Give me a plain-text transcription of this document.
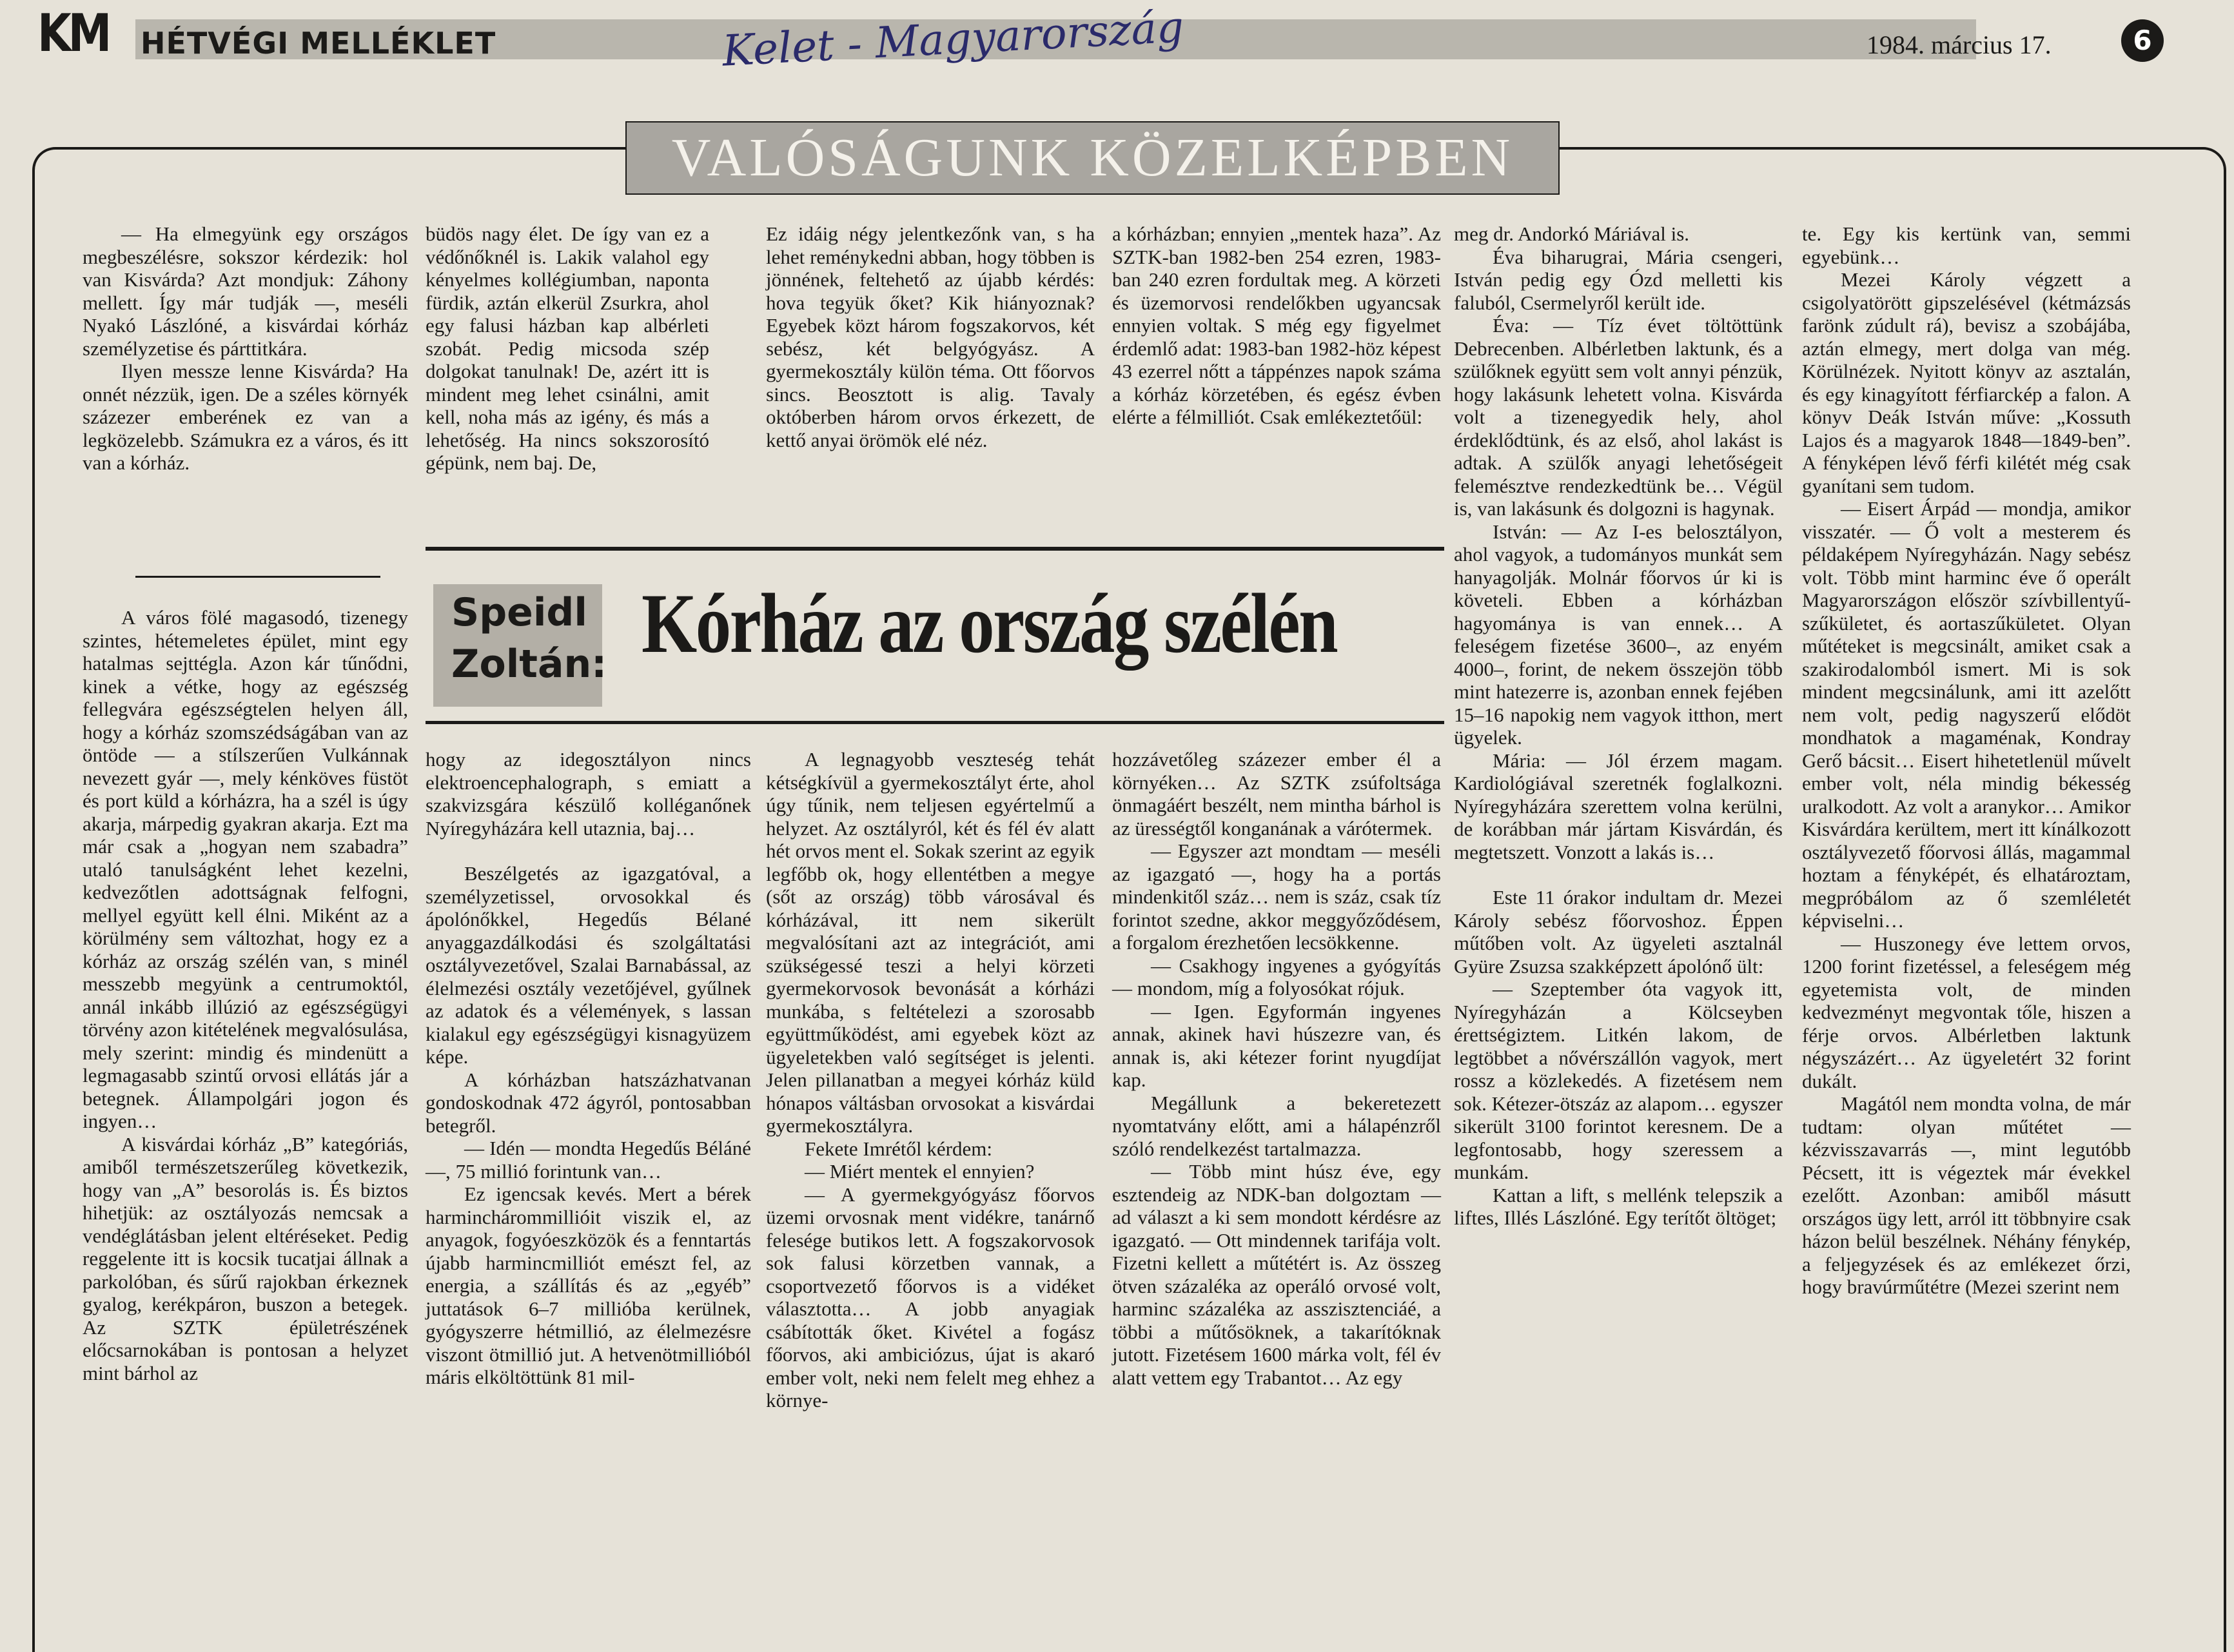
KM HÉTVÉGI MELLÉKLET	Kelet - Magyarország	1984. március 17.	6
VALÓSÁGUNK KÖZELKÉPBEN

— Ha elmegyünk egy országos megbeszélésre, sokszor kérdezik: hol van Kisvárda? Azt mondjuk: Záhony mellett. Így már tudják —, meséli Nyakó Lászlóné, a kisvárdai kórház személyzetise és párttitkára.

Ilyen messze lenne Kisvárda? Ha onnét nézzük, igen. De a széles környék százezer emberének ez van a legközelebb. Számukra ez a város, és itt van a kórház.

büdös nagy élet. De így van ez a védőnőknél is. Lakik valahol egy kényelmes kollégiumban, naponta fürdik, aztán elkerül Zsurkra, ahol egy falusi házban kap albérleti szobát. Pedig micsoda szép dolgokat tanulnak! De, azért itt is mindent meg lehet csinálni, amit kell, noha más az igény, és más a lehetőség. Ha nincs sokszorosító gépünk, nem baj. De,

Ez idáig négy jelentkezőnk van, s ha lehet reménykedni abban, hogy többen is jönnének, feltehető az újabb kérdés: hova tegyük őket? Kik hiányoznak? Egyebek közt három fogszakorvos, két sebész, két belgyógyász. A gyermekosztály külön téma. Ott főorvos sincs. Beosztott is alig. Tavaly októberben három orvos érkezett, de kettő anyai örömök elé néz.

a kórházban; ennyien „mentek haza”. Az SZTK-ban 1982-ben 254 ezren, 1983-ban 240 ezren fordultak meg. A körzeti és üzemorvosi rendelőkben ugyancsak ennyien voltak. S még egy figyelmet érdemlő adat: 1983-ban 1982-höz képest 43 ezerrel nőtt a táppénzes napok száma a kórház körzetében, és egész évben elérte a félmilliót. Csak emlékeztetőül:

Speidl
Zoltán: Kórház az ország szélén

A város fölé magasodó, tizenegy szintes, hétemeletes épület, mint egy hatalmas sejttégla. Azon kár tűnődni, kinek a vétke, hogy az egészség fellegvára egészségtelen helyen áll, hogy a kórház szomszédságában van az öntöde — a stílszerűen Vulkánnak nevezett gyár —, mely kénköves füstöt és port küld a kórházra, ha a szél is úgy akarja, márpedig gyakran akarja. Ezt ma már csak a „hogyan nem szabadra” utaló tanulságként lehet kezelni, kedvezőtlen adottságnak felfogni, mellyel együtt kell élni. Miként az a körülmény sem változhat, hogy ez a kórház az ország szélén van, s minél messzebb megyünk a centrumoktól, annál inkább illúzió az egészségügyi törvény azon kitételének megvalósulása, mely szerint: mindig és mindenütt a legmagasabb szintű orvosi ellátás jár a betegnek. Állampolgári jogon és ingyen…

A kisvárdai kórház „B” kategóriás, amiből természetszerűleg következik, hogy van „A” besorolás is. És biztos hihetjük: az osztályozás nemcsak a vendéglátásban jelent eltéréseket. Pedig reggelente itt is kocsik tucatjai állnak a parkolóban, és sűrű rajokban érkeznek gyalog, kerékpáron, buszon a betegek. Az SZTK épületrészének előcsarnokában is pontosan a helyzet mint bárhol az

hogy az idegosztályon nincs elektroencephalograph, s emiatt a szakvizsgára készülő kolléganőnek Nyíregyházára kell utaznia, baj…

Beszélgetés az igazgatóval, a személyzetissel, orvosokkal és ápolónőkkel, Hegedűs Bélané anyaggazdálkodási és szolgáltatási osztályvezetővel, Szalai Barnabással, az élelmezési osztály vezetőjével, gyűlnek az adatok és a vélemények, s lassan kialakul egy egészségügyi kisnagyüzem képe.

A kórházban hatszázhatvanan gondoskodnak 472 ágyról, pontosabban betegről.

— Idén — mondta Hegedűs Béláné —, 75 millió forintunk van…

Ez igencsak kevés. Mert a bérek harminchárommillióit viszik el, az anyagok, fogyóeszközök és a fenntartás újabb harmincmilliót emészt fel, az energia, a szállítás és az „egyéb” juttatások 6–7 millióba kerülnek, gyógyszerre hétmillió, az élelmezésre viszont ötmillió jut. A hetvenötmillióból máris elköltöttünk 81 mil-

A legnagyobb veszteség tehát kétségkívül a gyermekosztályt érte, ahol úgy tűnik, nem teljesen egyértelmű a helyzet. Az osztályról, két és fél év alatt hét orvos ment el. Sokak szerint az egyik legfőbb ok, hogy ellentétben a megye (sőt az ország) több városával és kórházával, itt nem sikerült megvalósítani azt az integrációt, ami szükségessé teszi a helyi körzeti gyermekorvosok bevonását a kórházi munkába, s feltételezi a szorosabb együttműködést, ami egyebek közt az ügyeletekben való segítséget is jelenti. Jelen pillanatban a megyei kórház küld hónapos váltásban orvosokat a kisvárdai gyermekosztályra.

Fekete Imrétől kérdem:

— Miért mentek el ennyien?

— A gyermekgyógyász főorvos üzemi orvosnak ment vidékre, tanárnő felesége butikos lett. A fogszakorvosok sok falusi körzetben vannak, a csoportvezető főorvos is a vidéket választotta… A jobb anyagiak csábították őket. Kivétel a fogász főorvos, aki ambiciózus, újat is akaró ember volt, neki nem felelt meg ehhez a környe-

hozzávetőleg százezer ember él a környéken… Az SZTK zsúfoltsága önmagáért beszélt, nem mintha bárhol is az ürességtől konganának a várótermek.

— Egyszer azt mondtam — meséli az igazgató —, hogy ha a portás mindenkitől száz… nem is száz, csak tíz forintot szedne, akkor meggyőződésem, a forgalom érezhetően lecsökkenne.

— Csakhogy ingyenes a gyógyítás — mondom, míg a folyosókat rójuk.

— Igen. Egyformán ingyenes annak, akinek havi húszezre van, és annak is, aki kétezer forint nyugdíjat kap.

Megállunk a bekeretezett nyomtatvány előtt, ami a hálapénzről szóló rendelkezést tartalmazza.

— Több mint húsz éve, egy esztendeig az NDK-ban dolgoztam — ad választ a ki sem mondott kérdésre az igazgató. — Ott mindennek tarifája volt. Fizetni kellett a műtétért is. Az összeg ötven százaléka az operáló orvosé volt, harminc százaléka az asszisztenciáé, a többi a műtősöknek, a takarítóknak jutott. Fizetésem 1600 márka volt, fél év alatt vettem egy Trabantot… Az egy

meg dr. Andorkó Máriával is.

Éva biharugrai, Mária csengeri, István pedig egy Ózd melletti kis faluból, Csermelyről került ide.

Éva: — Tíz évet töltöttünk Debrecenben. Albérletben laktunk, és a szülőknek együtt sem volt annyi pénzük, hogy lakásunk lehetett volna. Kisvárda volt a tizenegyedik hely, ahol érdeklődtünk, és az első, ahol lakást is adtak. A szülők anyagi lehetőségeit felemésztve rendezkedtünk be… Végül is, van lakásunk és dolgozni is hagynak.

István: — Az I-es belosztályon, ahol vagyok, a tudományos munkát sem hanyagolják. Molnár főorvos úr ki is követeli. Ebben a kórházban hagyománya is van ennek… A feleségem fizetése 3600–, az enyém 4000–, forint, de nekem összejön több mint hatezerre is, azonban ennek fejében 15–16 napokig nem vagyok itthon, mert ügyelek.

Mária: — Jól érzem magam. Kardiológiával szeretnék foglalkozni. Nyíregyházára szerettem volna kerülni, de korábban már jártam Kisvárdán, és megtetszett. Vonzott a lakás is…

Este 11 órakor indultam dr. Mezei Károly sebész főorvoshoz. Éppen műtőben volt. Az ügyeleti asztalnál Gyüre Zsuzsa szakképzett ápolónő ült:

— Szeptember óta vagyok itt, Nyíregyházán a Kölcseyben érettségiztem. Litkén lakom, de legtöbbet a nővérszállón vagyok, mert rossz a közlekedés. A fizetésem nem sok. Kétezer-ötszáz az alapom… egyszer sikerült 3100 forintot keresnem. De a legfontosabb, hogy szeressem a munkám.

Kattan a lift, s mellénk telepszik a liftes, Illés Lászlóné. Egy terítőt öltöget;

te. Egy kis kertünk van, semmi egyebünk…

Mezei Károly végzett a csigolyatörött gipszelésével (kétmázsás farönk zúdult rá), bevisz a szobájába, aztán elmegy, mert dolga van még. Körülnézek. Nyitott könyv az asztalán, és egy kinagyított férfiarckép a falon. A könyv Deák István műve: „Kossuth Lajos és a magyarok 1848—1849-ben”. A fényképen lévő férfi kilétét még csak gyanítani sem tudom.

— Eisert Árpád — mondja, amikor visszatér. — Ő volt a mesterem és példaképem Nyíregyházán. Nagy sebész volt. Több mint harminc éve ő operált Magyarországon először szívbillentyű-szűkületet, és aortaszűkületet. Olyan műtéteket is megcsinált, amiket csak a szakirodalomból ismert. Mi is sok mindent megcsinálunk, ami itt azelőtt nem volt, pedig nagyszerű elődöt mondhatok a magaménak, Kondray Gerő bácsit… Eisert hihetetlenül művelt ember volt, néla mindig békesség uralkodott. Az volt a aranykor… Amikor Kisvárdára kerültem, mert itt kínálkozott osztályvezető főorvosi állás, magammal hoztam a fényképét, és elhatároztam, megpróbálom az ő szemléletét képviselni…

— Huszonegy éve lettem orvos, 1200 forint fizetéssel, a feleségem még egyetemista volt, de minden kedvezményt megvontak tőle, hiszen a férje orvos. Albérletben laktunk négyszázért… Az ügyeletért 32 forint dukált.

Magától nem mondta volna, de már tudtam: olyan műtétet — kézvisszavarrás —, mint legutóbb Pécsett, itt is végeztek már évekkel ezelőtt. Azonban: amiből másutt országos ügy lett, arról itt többnyire csak házon belül beszélnek. Néhány fénykép, a feljegyzések és az emlékezet őrzi, hogy bravúrműtétre (Mezei szerint nem
